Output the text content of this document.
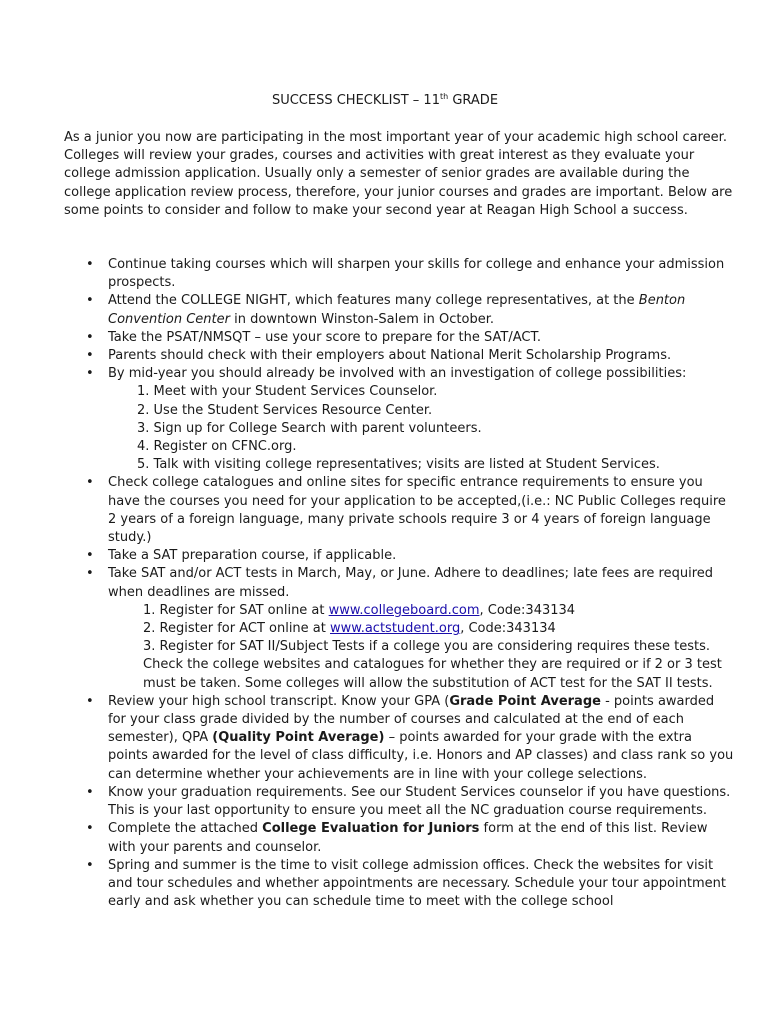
SUCCESS CHECKLIST – 11th GRADE

As a junior you now are participating in the most important year of your academic high school career. Colleges will review your grades, courses and activities with great interest as they evaluate your college admission application. Usually only a semester of senior grades are available during the college application review process, therefore, your junior courses and grades are important. Below are some points to consider and follow to make your second year at Reagan High School a success.

• Continue taking courses which will sharpen your skills for college and enhance your admission prospects.
• Attend the COLLEGE NIGHT, which features many college representatives, at the Benton Convention Center in downtown Winston-Salem in October.
• Take the PSAT/NMSQT – use your score to prepare for the SAT/ACT.
• Parents should check with their employers about National Merit Scholarship Programs.
• By mid-year you should already be involved with an investigation of college possibilities:
1. Meet with your Student Services Counselor.
2. Use the Student Services Resource Center.
3. Sign up for College Search with parent volunteers.
4. Register on CFNC.org.
5. Talk with visiting college representatives; visits are listed at Student Services.
• Check college catalogues and online sites for specific entrance requirements to ensure you have the courses you need for your application to be accepted,(i.e.: NC Public Colleges require 2 years of a foreign language, many private schools require 3 or 4 years of foreign language study.)
• Take a SAT preparation course, if applicable.
• Take SAT and/or ACT tests in March, May, or June. Adhere to deadlines; late fees are required when deadlines are missed.
1. Register for SAT online at www.collegeboard.com, Code:343134
2. Register for ACT online at www.actstudent.org, Code:343134
3. Register for SAT II/Subject Tests if a college you are considering requires these tests. Check the college websites and catalogues for whether they are required or if 2 or 3 test must be taken. Some colleges will allow the substitution of ACT test for the SAT II tests.
• Review your high school transcript. Know your GPA (Grade Point Average - points awarded for your class grade divided by the number of courses and calculated at the end of each semester), QPA (Quality Point Average) – points awarded for your grade with the extra points awarded for the level of class difficulty, i.e. Honors and AP classes) and class rank so you can determine whether your achievements are in line with your college selections.
• Know your graduation requirements. See our Student Services counselor if you have questions. This is your last opportunity to ensure you meet all the NC graduation course requirements.
• Complete the attached College Evaluation for Juniors form at the end of this list. Review with your parents and counselor.
• Spring and summer is the time to visit college admission offices. Check the websites for visit and tour schedules and whether appointments are necessary. Schedule your tour appointment early and ask whether you can schedule time to meet with the college school
